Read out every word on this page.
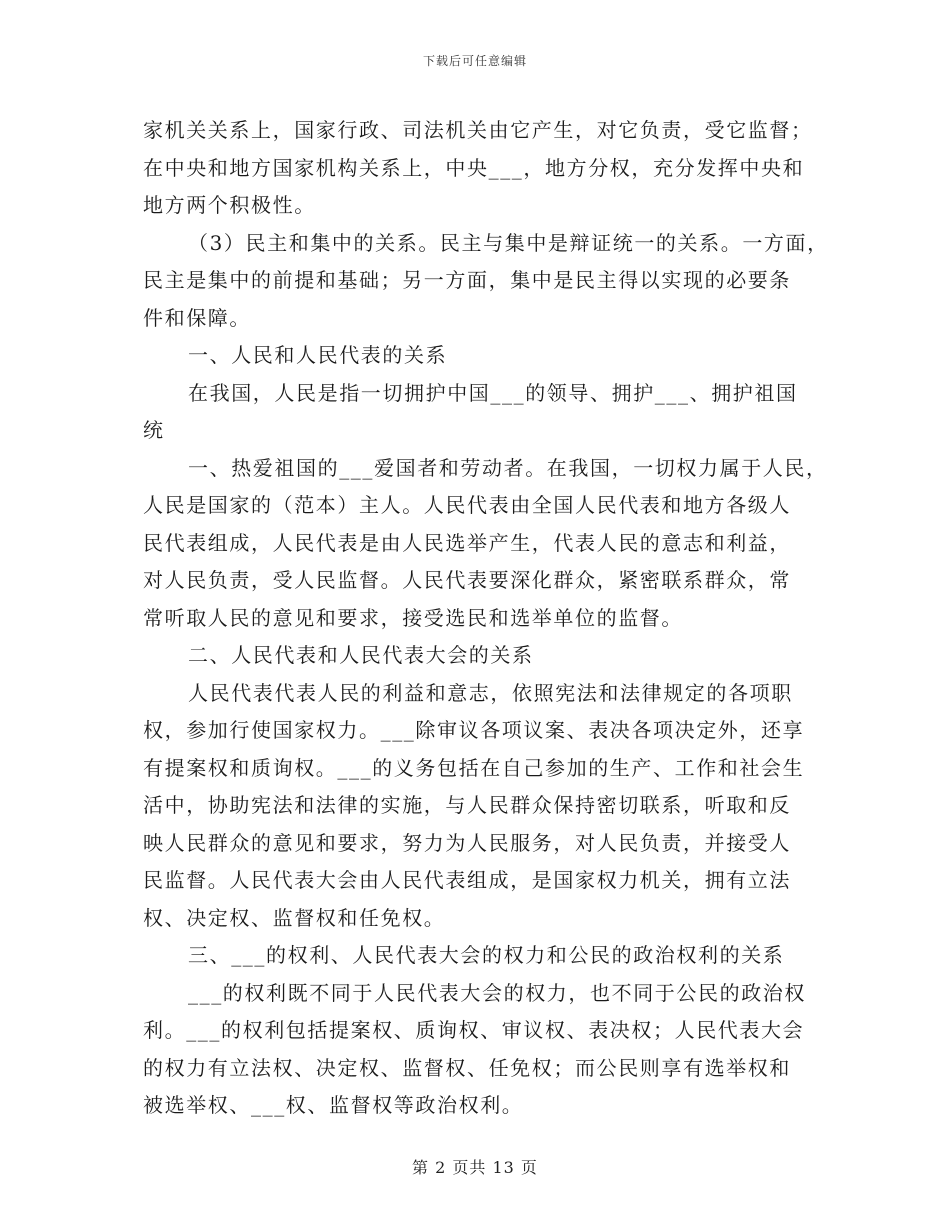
下载后可任意编辑
家机关关系上，国家行政、司法机关由它产生，对它负责，受它监督；
在中央和地方国家机构关系上，中央___，地方分权，充分发挥中央和
地方两个积极性。
（3）民主和集中的关系。民主与集中是辩证统一的关系。一方面，
民主是集中的前提和基础；另一方面，集中是民主得以实现的必要条
件和保障。
一、人民和人民代表的关系
在我国，人民是指一切拥护中国___的领导、拥护___、拥护祖国
统
一、热爱祖国的___爱国者和劳动者。在我国，一切权力属于人民，
人民是国家的（范本）主人。人民代表由全国人民代表和地方各级人
民代表组成，人民代表是由人民选举产生，代表人民的意志和利益，
对人民负责，受人民监督。人民代表要深化群众，紧密联系群众，常
常听取人民的意见和要求，接受选民和选举单位的监督。
二、人民代表和人民代表大会的关系
人民代表代表人民的利益和意志，依照宪法和法律规定的各项职
权，参加行使国家权力。___除审议各项议案、表决各项决定外，还享
有提案权和质询权。___的义务包括在自己参加的生产、工作和社会生
活中，协助宪法和法律的实施，与人民群众保持密切联系，听取和反
映人民群众的意见和要求，努力为人民服务，对人民负责，并接受人
民监督。人民代表大会由人民代表组成，是国家权力机关，拥有立法
权、决定权、监督权和任免权。
三、___的权利、人民代表大会的权力和公民的政治权利的关系
___的权利既不同于人民代表大会的权力，也不同于公民的政治权
利。___的权利包括提案权、质询权、审议权、表决权；人民代表大会
的权力有立法权、决定权、监督权、任免权；而公民则享有选举权和
被选举权、___权、监督权等政治权利。
第 2 页共 13 页
